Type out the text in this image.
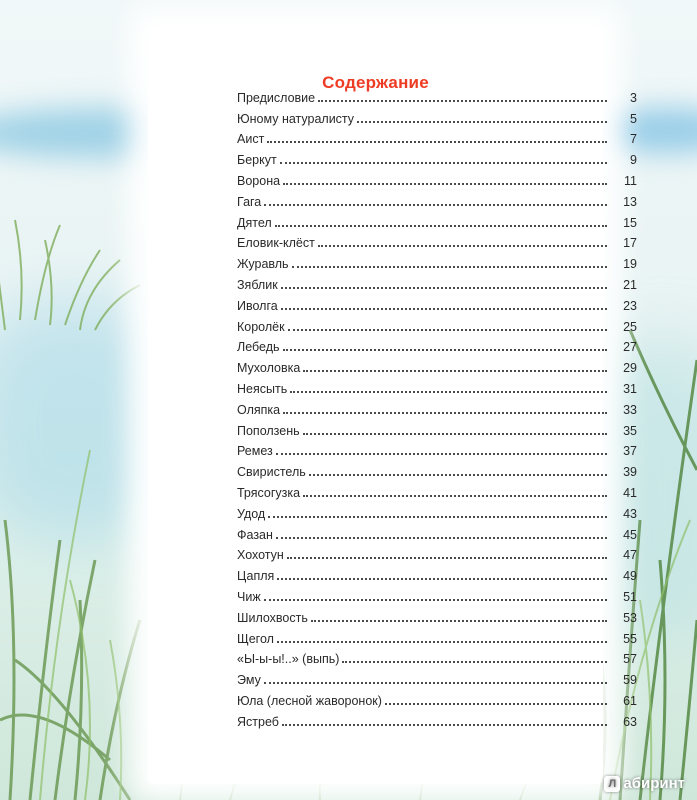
Содержание
Предисловие	3
Юному натуралисту	5
Аист	7
Беркут	9
Ворона	11
Гага	13
Дятел	15
Еловик-клёст	17
Журавль	19
Зяблик	21
Иволга	23
Королёк	25
Лебедь	27
Мухоловка	29
Неясыть	31
Оляпка	33
Поползень	35
Ремез	37
Свиристель	39
Трясогузка	41
Удод	43
Фазан	45
Хохотун	47
Цапля	49
Чиж	51
Шилохвость	53
Щегол	55
«Ы-ы-ы!..» (выпь)	57
Эму	59
Юла (лесной жаворонок)	61
Ястреб	63
Л абиринт
